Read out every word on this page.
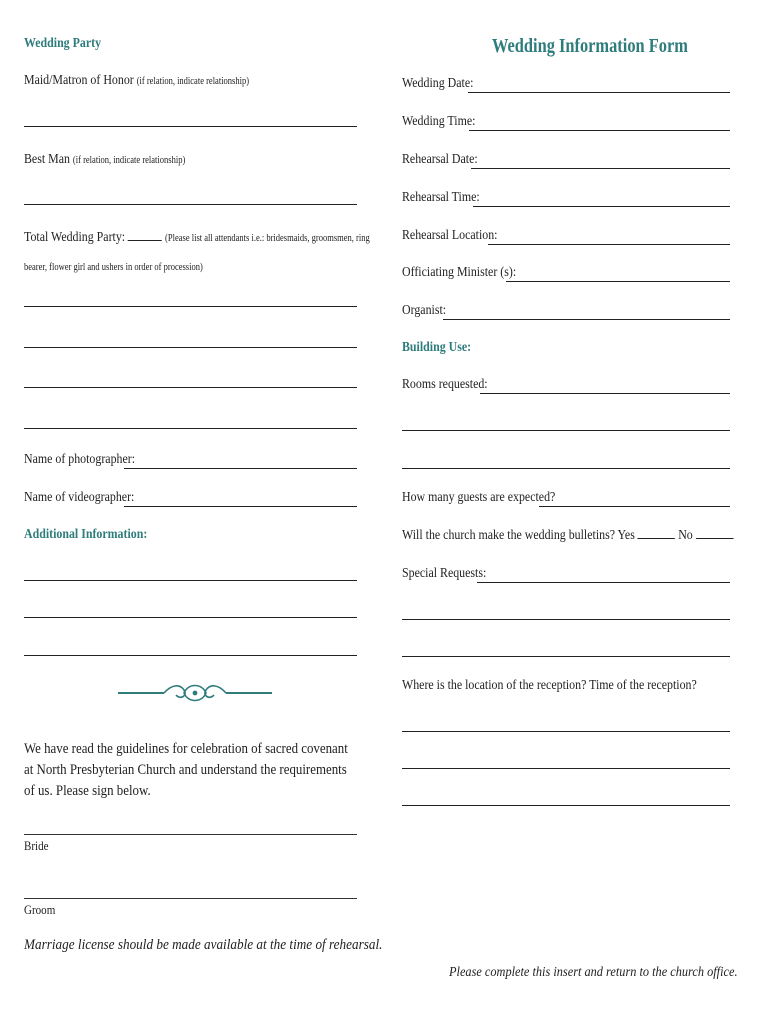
Wedding Party
Maid/Matron of Honor (if relation, indicate relationship)
Best Man (if relation, indicate relationship)
Total Wedding Party:	(Please list all attendants i.e.: bridesmaids, groomsmen, ring
bearer, flower girl and ushers in order of procession)
Name of photographer:
Name of videographer:
Additional Information:
We have read the guidelines for celebration of sacred covenant at North Presbyterian Church and understand the requirements of us. Please sign below.
Bride
Groom
Marriage license should be made available at the time of rehearsal.
Wedding Information Form
Wedding Date:
Wedding Time:
Rehearsal Date:
Rehearsal Time:
Rehearsal Location:
Officiating Minister (s):
Organist:
Building Use:
Rooms requested:
How many guests are expected?
Will the church make the wedding bulletins? Yes	No
Special Requests:
Where is the location of the reception? Time of the reception?
Please complete this insert and return to the church office.
